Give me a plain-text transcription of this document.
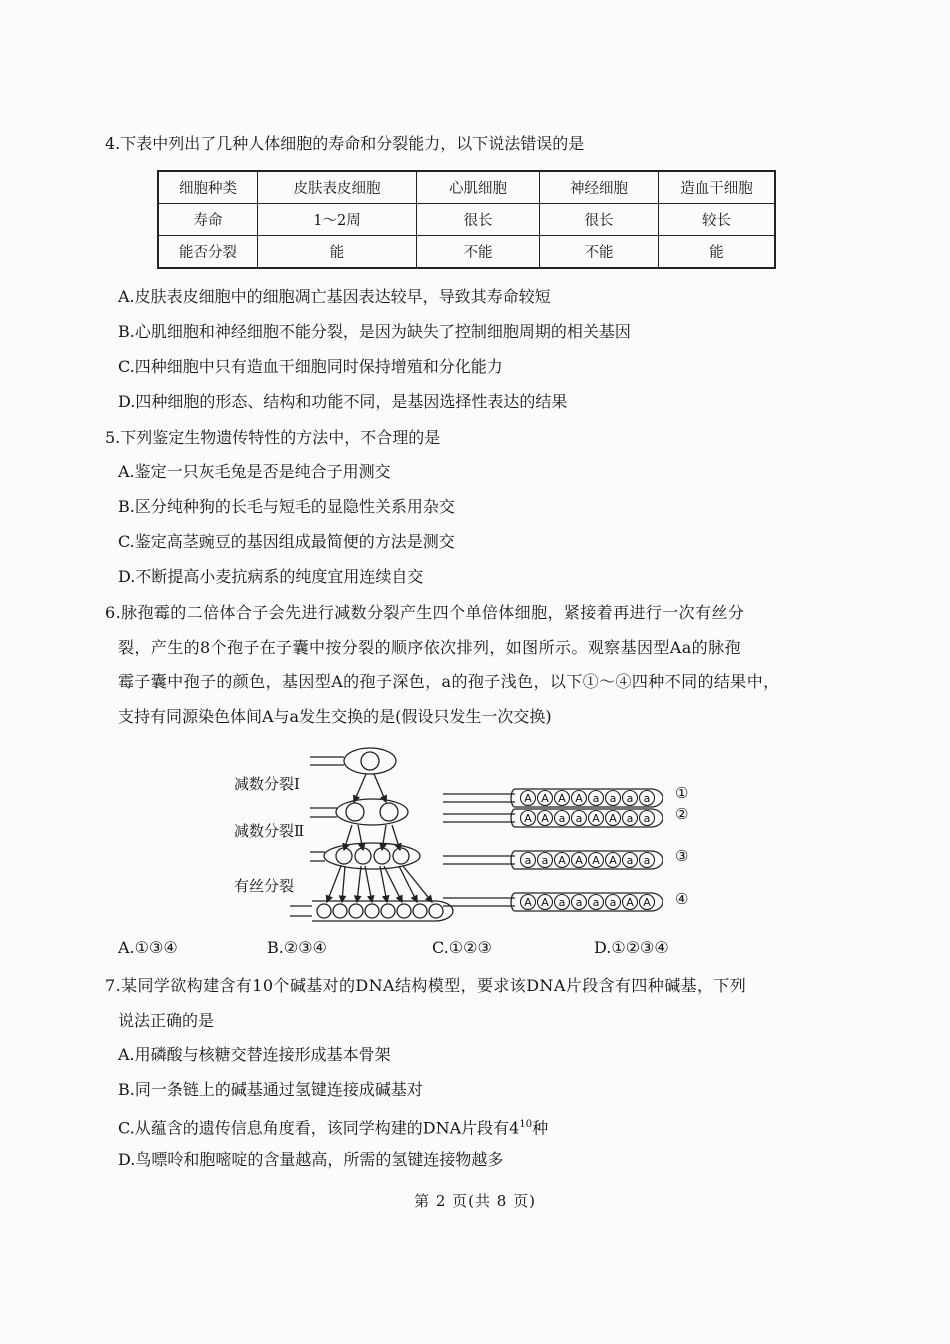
4.下表中列出了几种人体细胞的寿命和分裂能力，以下说法错误的是
细胞种类	皮肤表皮细胞	心肌细胞	神经细胞	造血干细胞
寿命	1～2周	很长	很长	较长
能否分裂	能	不能	不能	能
A.皮肤表皮细胞中的细胞凋亡基因表达较早，导致其寿命较短
B.心肌细胞和神经细胞不能分裂，是因为缺失了控制细胞周期的相关基因
C.四种细胞中只有造血干细胞同时保持增殖和分化能力
D.四种细胞的形态、结构和功能不同，是基因选择性表达的结果
5.下列鉴定生物遗传特性的方法中，不合理的是
A.鉴定一只灰毛兔是否是纯合子用测交
B.区分纯种狗的长毛与短毛的显隐性关系用杂交
C.鉴定高茎豌豆的基因组成最简便的方法是测交
D.不断提高小麦抗病系的纯度宜用连续自交
6.脉孢霉的二倍体合子会先进行减数分裂产生四个单倍体细胞，紧接着再进行一次有丝分
裂，产生的8个孢子在子囊中按分裂的顺序依次排列，如图所示。观察基因型Aa的脉孢
霉子囊中孢子的颜色，基因型A的孢子深色，a的孢子浅色，以下①～④四种不同的结果中，
支持有同源染色体间A与a发生交换的是(假设只发生一次交换)
减数分裂Ⅰ
减数分裂Ⅱ
有丝分裂
A A A A a a a a
A A a a A A a a
a a A A A A a a
A A a a a a A A
①
②
③
④
A.①③④	B.②③④	C.①②③	D.①②③④
7.某同学欲构建含有10个碱基对的DNA结构模型，要求该DNA片段含有四种碱基，下列
说法正确的是
A.用磷酸与核糖交替连接形成基本骨架
B.同一条链上的碱基通过氢键连接成碱基对
C.从蕴含的遗传信息角度看，该同学构建的DNA片段有$4^{10}$种
D.鸟嘌呤和胞嘧啶的含量越高，所需的氢键连接物越多
第 2 页(共 8 页)
